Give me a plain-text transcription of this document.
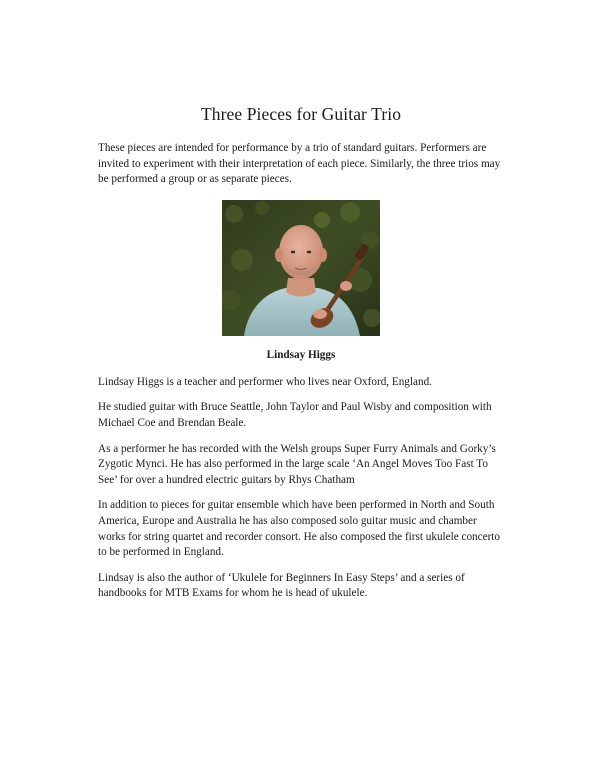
Three Pieces for Guitar Trio

These pieces are intended for performance by a trio of standard guitars. Performers are invited to experiment with their interpretation of each piece. Similarly, the three trios may be performed a group or as separate pieces.

Lindsay Higgs

Lindsay Higgs is a teacher and performer who lives near Oxford, England.

He studied guitar with Bruce Seattle, John Taylor and Paul Wisby and composition with Michael Coe and Brendan Beale.

As a performer he has recorded with the Welsh groups Super Furry Animals and Gorky’s Zygotic Mynci. He has also performed in the large scale ‘An Angel Moves Too Fast To See’ for over a hundred electric guitars by Rhys Chatham

In addition to pieces for guitar ensemble which have been performed in North and South America, Europe and Australia he has also composed solo guitar music and chamber works for string quartet and recorder consort. He also composed the first ukulele concerto to be performed in England.

Lindsay is also the author of ‘Ukulele for Beginners In Easy Steps’ and a series of handbooks for MTB Exams for whom he is head of ukulele.
